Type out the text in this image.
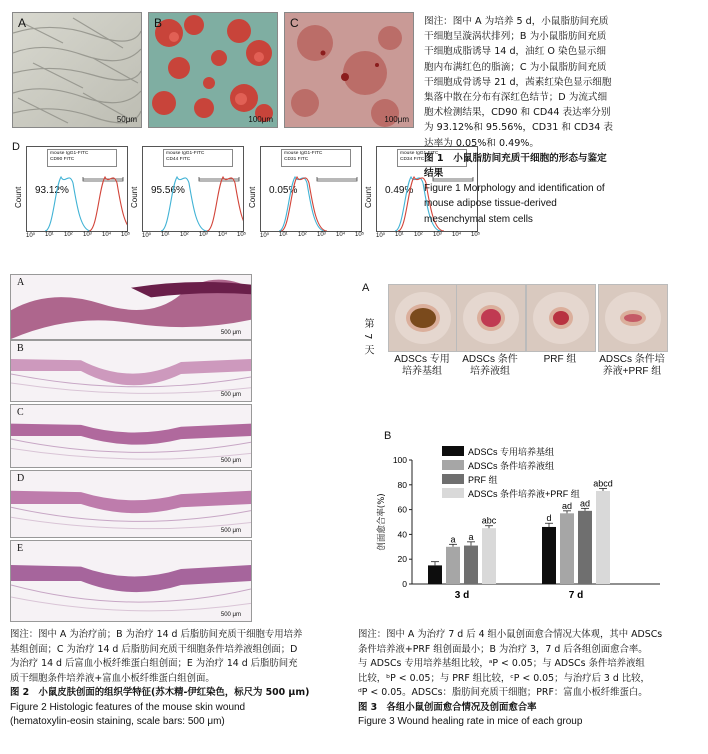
A
50μm
B
100μm
C
100μm
D
Count
mouse IgG1-FITC
CD90 FITC
93.12%
10⁰ 10¹ 10² 10³ 10⁴ 10⁵
Count
mouse IgG1-FITC
CD44 FITC
95.56%
10⁰ 10¹ 10² 10³ 10⁴ 10⁵
Count
mouse IgG1-FITC
CD31 FITC
0.05%
10⁰ 10¹ 10² 10³ 10⁴ 10⁵
Count
mouse IgG1-FITC
CD34 FITC
0.49%
10⁰ 10¹ 10² 10³ 10⁴ 10⁵
图注：图中 A 为培养 5 d，小鼠脂肪间充质
干细胞呈漩涡状排列；B 为小鼠脂肪间充质
干细胞成脂诱导 14 d，油红 O 染色显示细
胞内布满红色的脂滴；C 为小鼠脂肪间充质
干细胞成骨诱导 21 d，茜素红染色显示细胞
集落中散在分布有深红色结节；D 为流式细
胞术检测结果，CD90 和 CD44 表达率分别
为 93.12%和 95.56%，CD31 和 CD34 表
达率为 0.05%和 0.49%。
图 1　小鼠脂肪间充质干细胞的形态与鉴定
结果
Figure 1 Morphology and identification of
mouse adipose tissue-derived
mesenchymal stem cells
A
500 μm
B
500 μm
C
500 μm
D
500 μm
E
500 μm
图注：图中 A 为治疗前；B 为治疗 14 d 后脂肪间充质干细胞专用培养
基组创面；C 为治疗 14 d 后脂肪间充质干细胞条件培养液组创面；D
为治疗 14 d 后富血小板纤维蛋白组创面；E 为治疗 14 d 后脂肪间充
质干细胞条件培养液+富血小板纤维蛋白组创面。
图 2　小鼠皮肤创面的组织学特征(苏木精-伊红染色，标尺为 500 μm)
Figure 2 Histologic features of the mouse skin wound
(hematoxylin-eosin staining, scale bars: 500 μm)
A
第 7 天
ADSCs 专用
培养基组
ADSCs 条件
培养液组
PRF 组	ADSCs 条件培
养液+PRF 组
B
ADSCs 专用培养基组
ADSCs 条件培养液组
PRF 组
ADSCs 条件培养液+PRF 组
0
20
40
60
80
100
创面愈合率(%)	a a
abc
3 d
d
ad ad
abcd
7 d
图注：图中 A 为治疗 7 d 后 4 组小鼠创面愈合情况大体观，其中 ADSCs
条件培养液+PRF 组创面最小；B 为治疗 3，7 d 后各组创面愈合率。
与 ADSCs 专用培养基组比较，ᵃP < 0.05；与 ADSCs 条件培养液组
比较，ᵇP < 0.05；与 PRF 组比较，ᶜP < 0.05；与治疗后 3 d 比较，
ᵈP < 0.05。ADSCs：脂肪间充质干细胞；PRF：富血小板纤维蛋白。
图 3　各组小鼠创面愈合情况及创面愈合率
Figure 3 Wound healing rate in mice of each group
